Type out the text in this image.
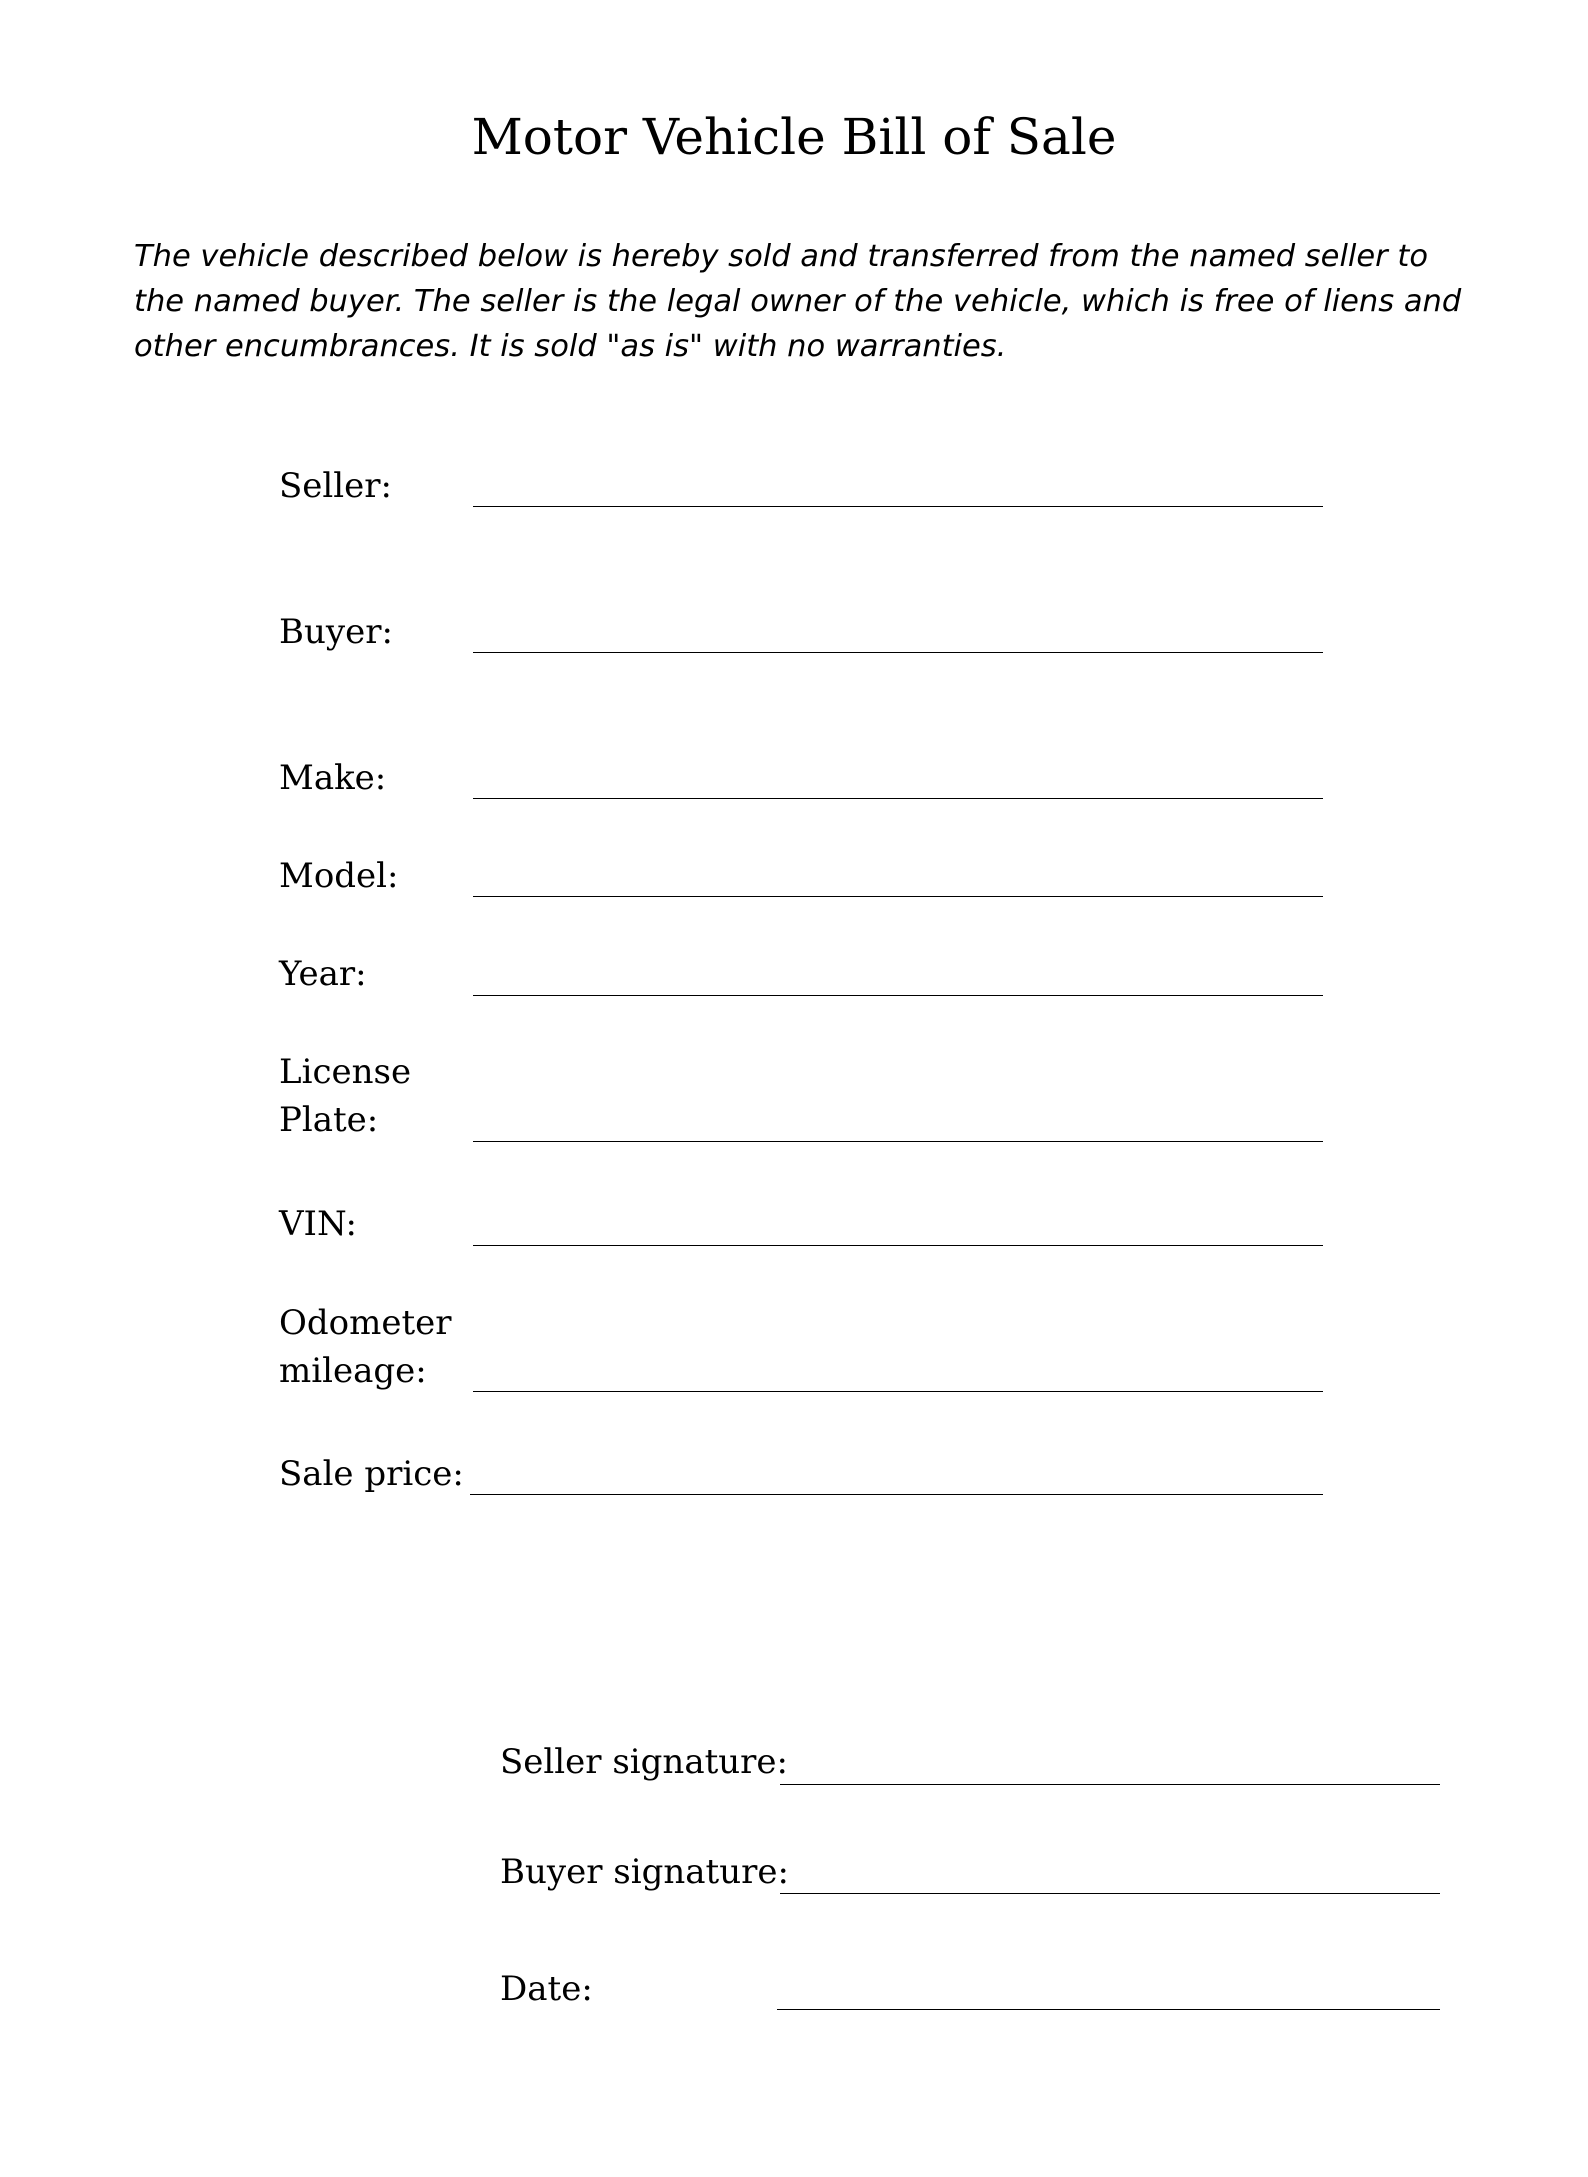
Motor Vehicle Bill of Sale

The vehicle described below is hereby sold and transferred from the named seller to the named buyer. The seller is the legal owner of the vehicle, which is free of liens and other encumbrances. It is sold "as is" with no warranties.

Seller:
Buyer:
Make:
Model:
Year:
License Plate:
VIN:
Odometer mileage:
Sale price:
Seller signature:
Buyer signature:
Date:
